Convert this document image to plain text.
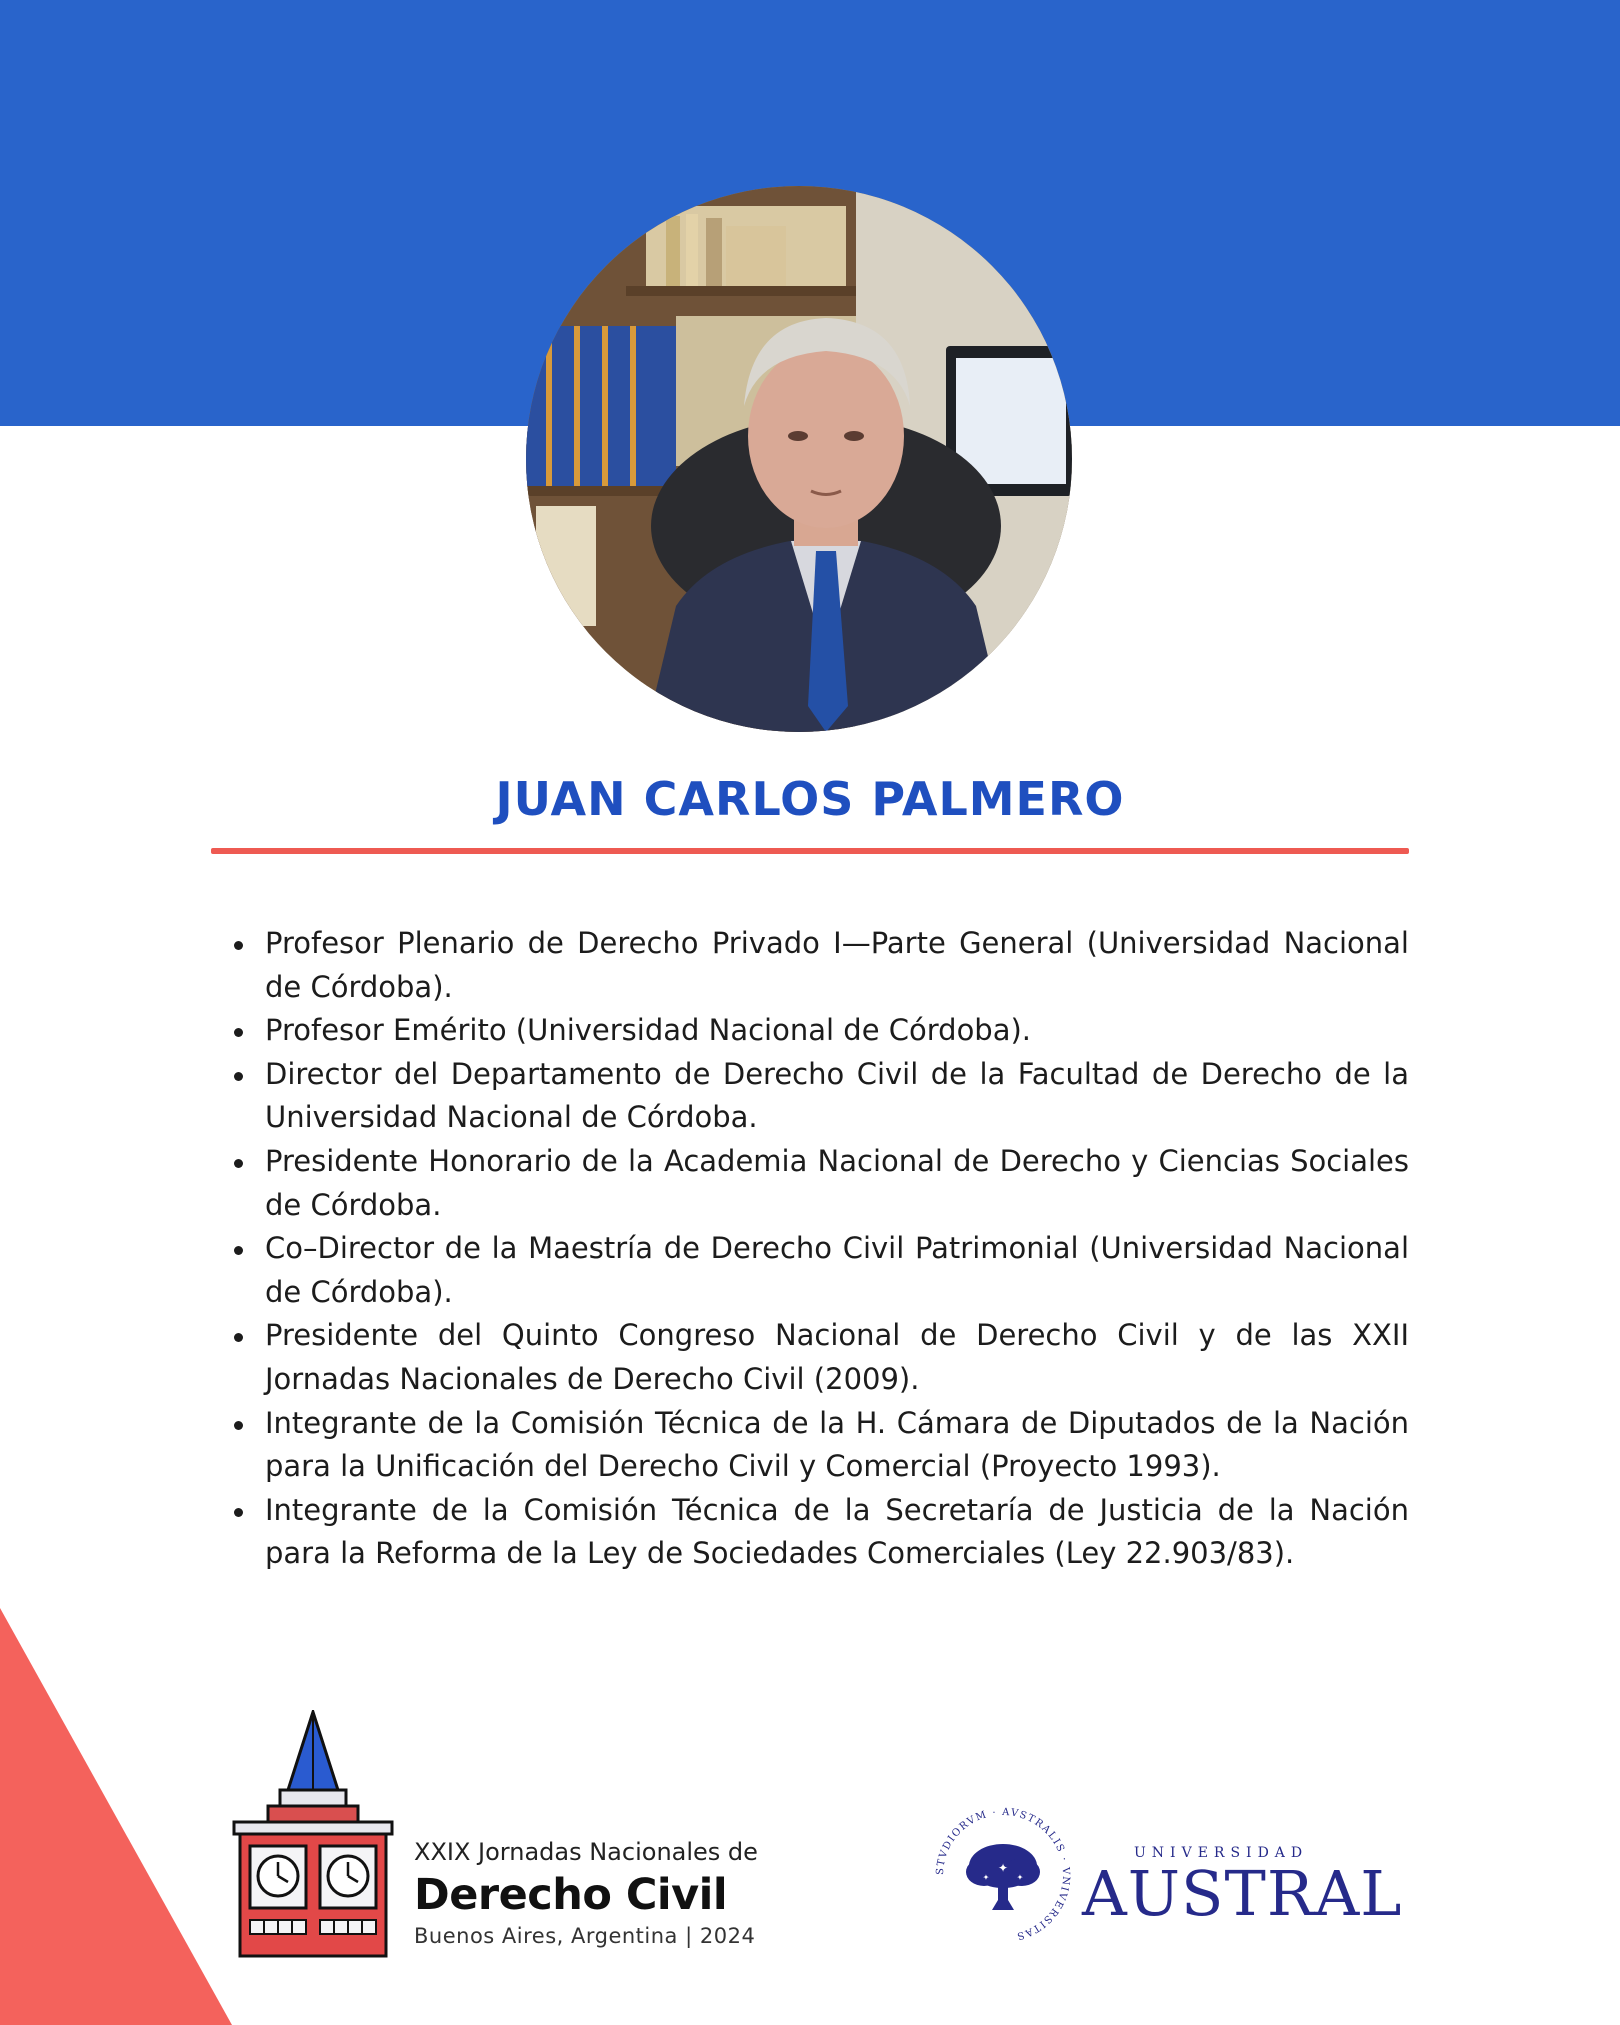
JUAN CARLOS PALMERO
Profesor Plenario de Derecho Privado I—Parte General (Universidad Nacional de Córdoba).
Profesor Emérito (Universidad Nacional de Córdoba).
Director del Departamento de Derecho Civil de la Facultad de Derecho de la Universidad Nacional de Córdoba.
Presidente Honorario de la Academia Nacional de Derecho y Ciencias Sociales de Córdoba.
Co–Director de la Maestría de Derecho Civil Patrimonial (Universidad Nacional de Córdoba).
Presidente del Quinto Congreso Nacional de Derecho Civil y de las XXII Jornadas Nacionales de Derecho Civil (2009).
Integrante de la Comisión Técnica de la H. Cámara de Diputados de la Nación para la Unificación del Derecho Civil y Comercial (Proyecto 1993).
Integrante de la Comisión Técnica de la Secretaría de Justicia de la Nación para la Reforma de la Ley de Sociedades Comerciales (Ley 22.903/83).
XXIX Jornadas Nacionales de
Derecho Civil
Buenos Aires, Argentina | 2024
STVDIORVM · AVSTRALIS · VNIVERSITAS
✦
✦	✦
UNIVERSIDAD
AUSTRAL
